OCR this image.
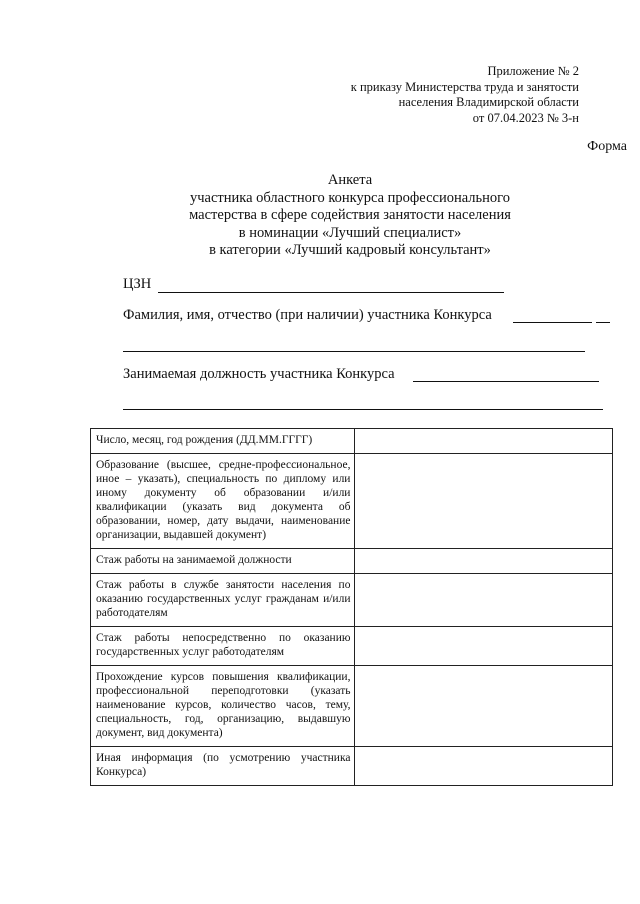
Приложение № 2
к приказу Министерства труда и занятости
населения Владимирской области
от 07.04.2023 № 3-н
Форма
Анкета
участника областного конкурса профессионального
мастерства в сфере содействия занятости населения
в номинации «Лучший специалист»
в категории «Лучший кадровый консультант»
ЦЗН
Фамилия, имя, отчество (при наличии) участника Конкурса
Занимаемая должность участника Конкурса
Число, месяц, год рождения (ДД.ММ.ГГГГ)	
Образование (высшее, средне-профессиональное, иное – указать), специальность по диплому или иному документу об образовании и/или квалификации (указать вид документа об образовании, номер, дату выдачи, наименование организации, выдавшей документ)	
Стаж работы на занимаемой должности	
Стаж работы в службе занятости населения по оказанию государственных услуг гражданам и/или работодателям	
Стаж работы непосредственно по оказанию государственных услуг работодателям	
Прохождение курсов повышения квалификации, профессиональной переподготовки (указать наименование курсов, количество часов, тему, специальность, год, организацию, выдавшую документ, вид документа)	
Иная информация (по усмотрению участника Конкурса)	
